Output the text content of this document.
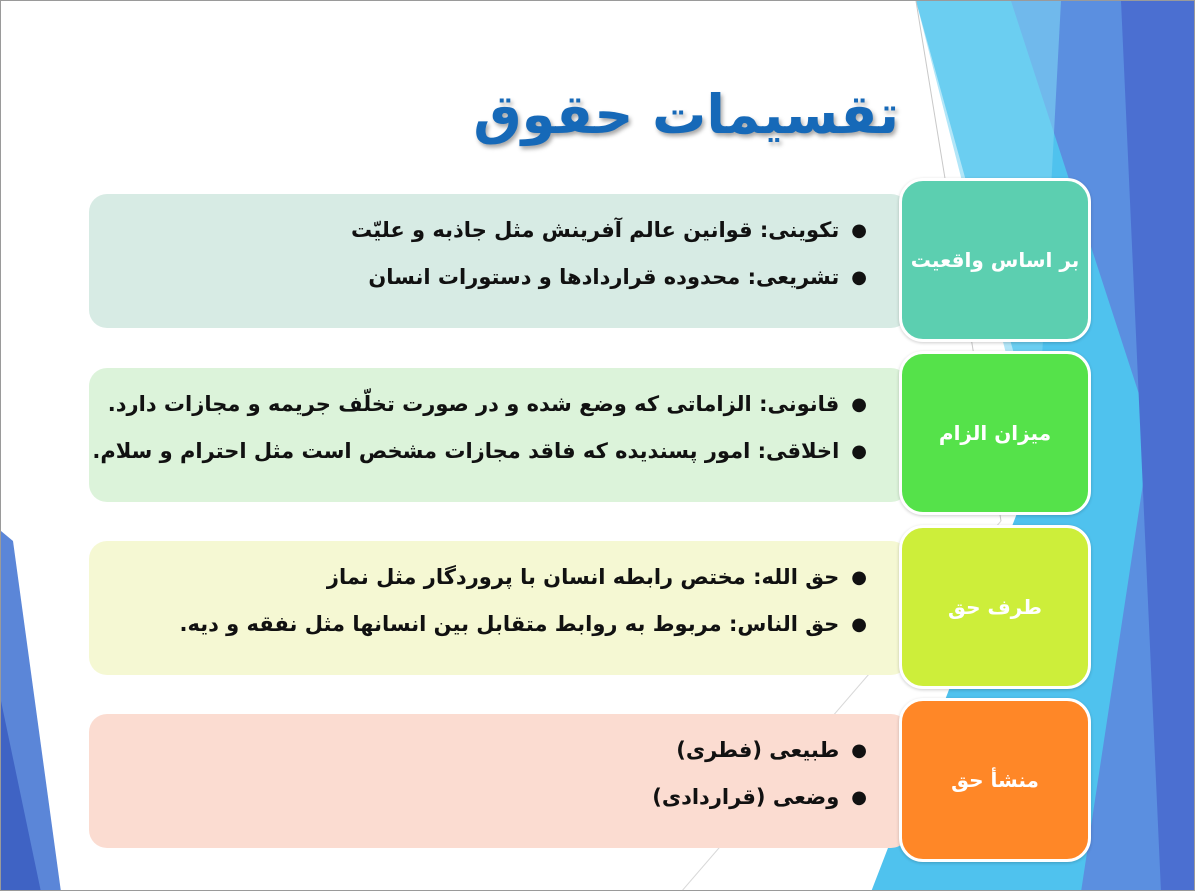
تقسیمات حقوق
●تکوینی: قوانین عالم آفرینش مثل جاذبه و علیّت
●تشریعی: محدوده قراردادها و دستورات انسان
بر اساس واقعیت
●قانونی: الزاماتی که وضع شده و در صورت تخلّف جریمه و مجازات دارد.
●اخلاقی: امور پسندیده که فاقد مجازات مشخص است مثل احترام و سلام.
میزان الزام
●حق الله: مختص رابطه انسان با پروردگار مثل نماز
●حق الناس: مربوط به روابط متقابل بین انسانها مثل نفقه و دیه.
طرف حق
●طبیعی (فطری)
●وضعی (قراردادی)
منشأ حق
